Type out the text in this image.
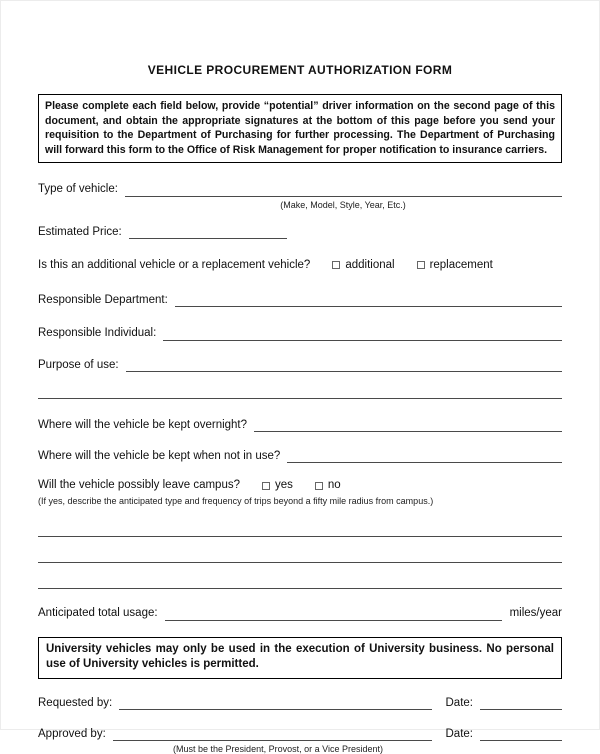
VEHICLE PROCUREMENT AUTHORIZATION FORM

Please complete each field below, provide “potential” driver information on the second page of this document, and obtain the appropriate signatures at the bottom of this page before you send your requisition to the Department of Purchasing for further processing. The Department of Purchasing will forward this form to the Office of Risk Management for proper notification to insurance carriers.

Type of vehicle:
(Make, Model, Style, Year, Etc.)
Estimated Price:
Is this an additional vehicle or a replacement vehicle?	additional	replacement
Responsible Department:
Responsible Individual:
Purpose of use:
Where will the vehicle be kept overnight?
Where will the vehicle be kept when not in use?
Will the vehicle possibly leave campus?	yes	no
(If yes, describe the anticipated type and frequency of trips beyond a fifty mile radius from campus.)
Anticipated total usage:	miles/year

University vehicles may only be used in the execution of University business. No personal use of University vehicles is permitted.

Requested by:	Date:
Approved by:	Date:
(Must be the President, Provost, or a Vice President)
